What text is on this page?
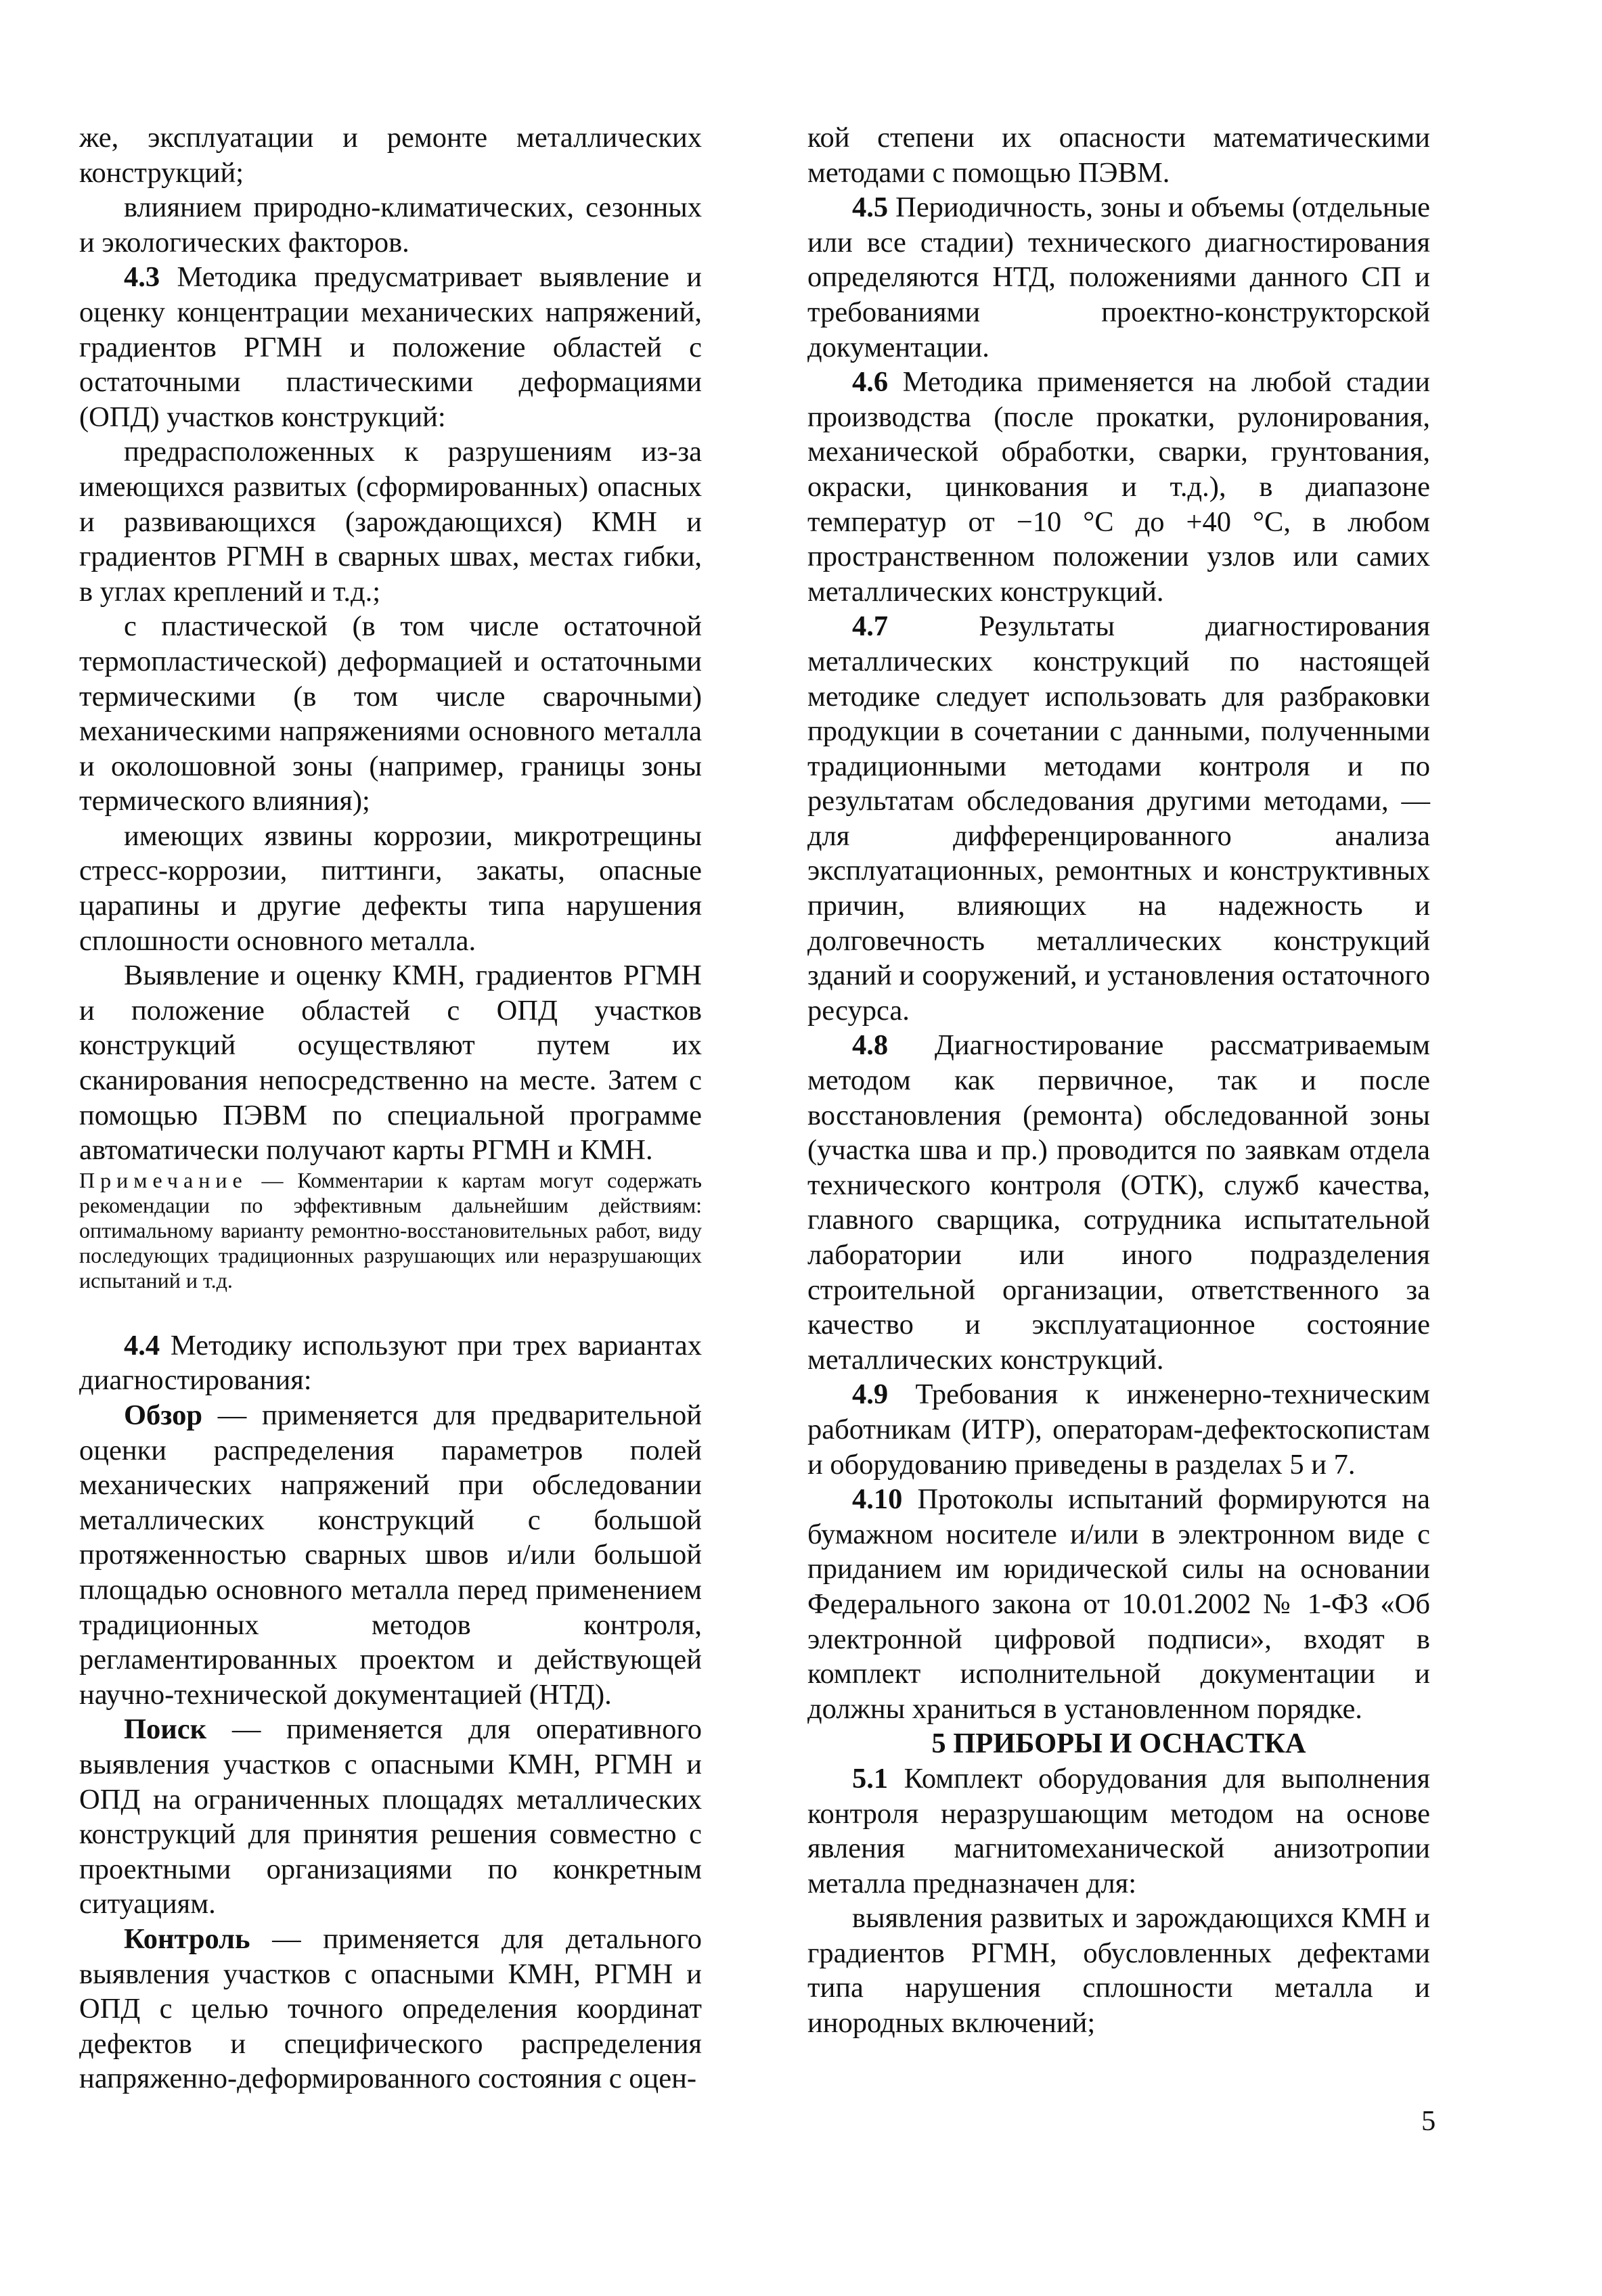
же, эксплуатации и ремонте металлических конструкций;

влиянием природно-климатических, сезонных и экологических факторов.

4.3 Методика предусматривает выявление и оценку концентрации механических напряжений, градиентов РГМН и положение областей с остаточными пластическими деформациями (ОПД) участков конструкций:

предрасположенных к разрушениям из-за имеющихся развитых (сформированных) опасных и развивающихся (зарождающихся) КМН и градиентов РГМН в сварных швах, местах гибки, в углах креплений и т.д.;

с пластической (в том числе остаточной термопластической) деформацией и остаточными термическими (в том числе сварочными) механическими напряжениями основного металла и околошовной зоны (например, границы зоны термического влияния);

имеющих язвины коррозии, микротрещины стресс-коррозии, питтинги, закаты, опасные царапины и другие дефекты типа нарушения сплошности основного металла.

Выявление и оценку КМН, градиентов РГМН и положение областей с ОПД участков конструкций осуществляют путем их сканирования непосредственно на месте. Затем с помощью ПЭВМ по специальной программе автоматически получают карты РГМН и КМН.

Примечание — Комментарии к картам могут содержать рекомендации по эффективным дальнейшим действиям: оптимальному варианту ремонтно-восстановительных работ, виду последующих традиционных разрушающих или неразрушающих испытаний и т.д.

4.4 Методику используют при трех вариантах диагностирования:

Обзор — применяется для предварительной оценки распределения параметров полей механических напряжений при обследовании металлических конструкций с большой протяженностью сварных швов и/или большой площадью основного металла перед применением традиционных методов контроля, регламентированных проектом и действующей научно-технической документацией (НТД).

Поиск — применяется для оперативного выявления участков с опасными КМН, РГМН и ОПД на ограниченных площадях металлических конструкций для принятия решения совместно с проектными организациями по конкретным ситуациям.

Контроль — применяется для детального выявления участков с опасными КМН, РГМН и ОПД с целью точного определения координат дефектов и специфического распределения напряженно-деформированного состояния с оцен-

кой степени их опасности математическими методами с помощью ПЭВМ.

4.5 Периодичность, зоны и объемы (отдельные или все стадии) технического диагностирования определяются НТД, положениями данного СП и требованиями проектно-конструкторской документации.

4.6 Методика применяется на любой стадии производства (после прокатки, рулонирования, механической обработки, сварки, грунтования, окраски, цинкования и т.д.), в диапазоне температур от −10 °С до +40 °С, в любом пространственном положении узлов или самих металлических конструкций.

4.7 Результаты диагностирования металлических конструкций по настоящей методике следует использовать для разбраковки продукции в сочетании с данными, полученными традиционными методами контроля и по результатам обследования другими методами, — для дифференцированного анализа эксплуатационных, ремонтных и конструктивных причин, влияющих на надежность и долговечность металлических конструкций зданий и сооружений, и установления остаточного ресурса.

4.8 Диагностирование рассматриваемым методом как первичное, так и после восстановления (ремонта) обследованной зоны (участка шва и пр.) проводится по заявкам отдела технического контроля (ОТК), служб качества, главного сварщика, сотрудника испытательной лаборатории или иного подразделения строительной организации, ответственного за качество и эксплуатационное состояние металлических конструкций.

4.9 Требования к инженерно-техническим работникам (ИТР), операторам-дефектоскопистам и оборудованию приведены в разделах 5 и 7.

4.10 Протоколы испытаний формируются на бумажном носителе и/или в электронном виде с приданием им юридической силы на основании Федерального закона от 10.01.2002 № 1-ФЗ «Об электронной цифровой подписи», входят в комплект исполнительной документации и должны храниться в установленном порядке.

5 ПРИБОРЫ И ОСНАСТКА

5.1 Комплект оборудования для выполнения контроля неразрушающим методом на основе явления магнитомеханической анизотропии металла предназначен для:

выявления развитых и зарождающихся КМН и градиентов РГМН, обусловленных дефектами типа нарушения сплошности металла и инородных включений;

5
